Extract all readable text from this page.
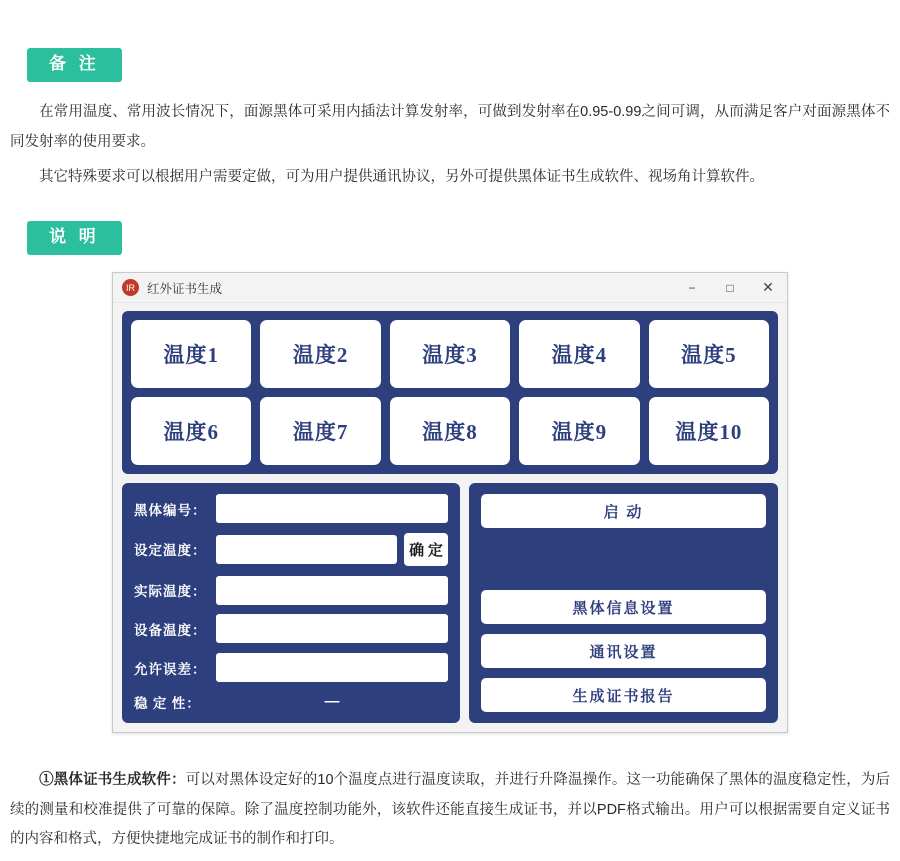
备 注
在常用温度、常用波长情况下，面源黑体可采用内插法计算发射率，可做到发射率在0.95-0.99之间可调，从而满足客户对面源黑体不同发射率的使用要求。
其它特殊要求可以根据用户需要定做，可为用户提供通讯协议，另外可提供黑体证书生成软件、视场角计算软件。
说 明
IR 红外证书生成	−	□	✕
温度1	温度2	温度3	温度4	温度5
温度6	温度7	温度8	温度9	温度10
黑体编号：
设定温度：	确 定
实际温度：
设备温度：
允许误差：
稳 定 性：	—
启 动
黑体信息设置
通讯设置
生成证书报告
①黑体证书生成软件：可以对黑体设定好的10个温度点进行温度读取，并进行升降温操作。这一功能确保了黑体的温度稳定性，为后续的测量和校准提供了可靠的保障。除了温度控制功能外，该软件还能直接生成证书，并以PDF格式输出。用户可以根据需要自定义证书的内容和格式，方便快捷地完成证书的制作和打印。
